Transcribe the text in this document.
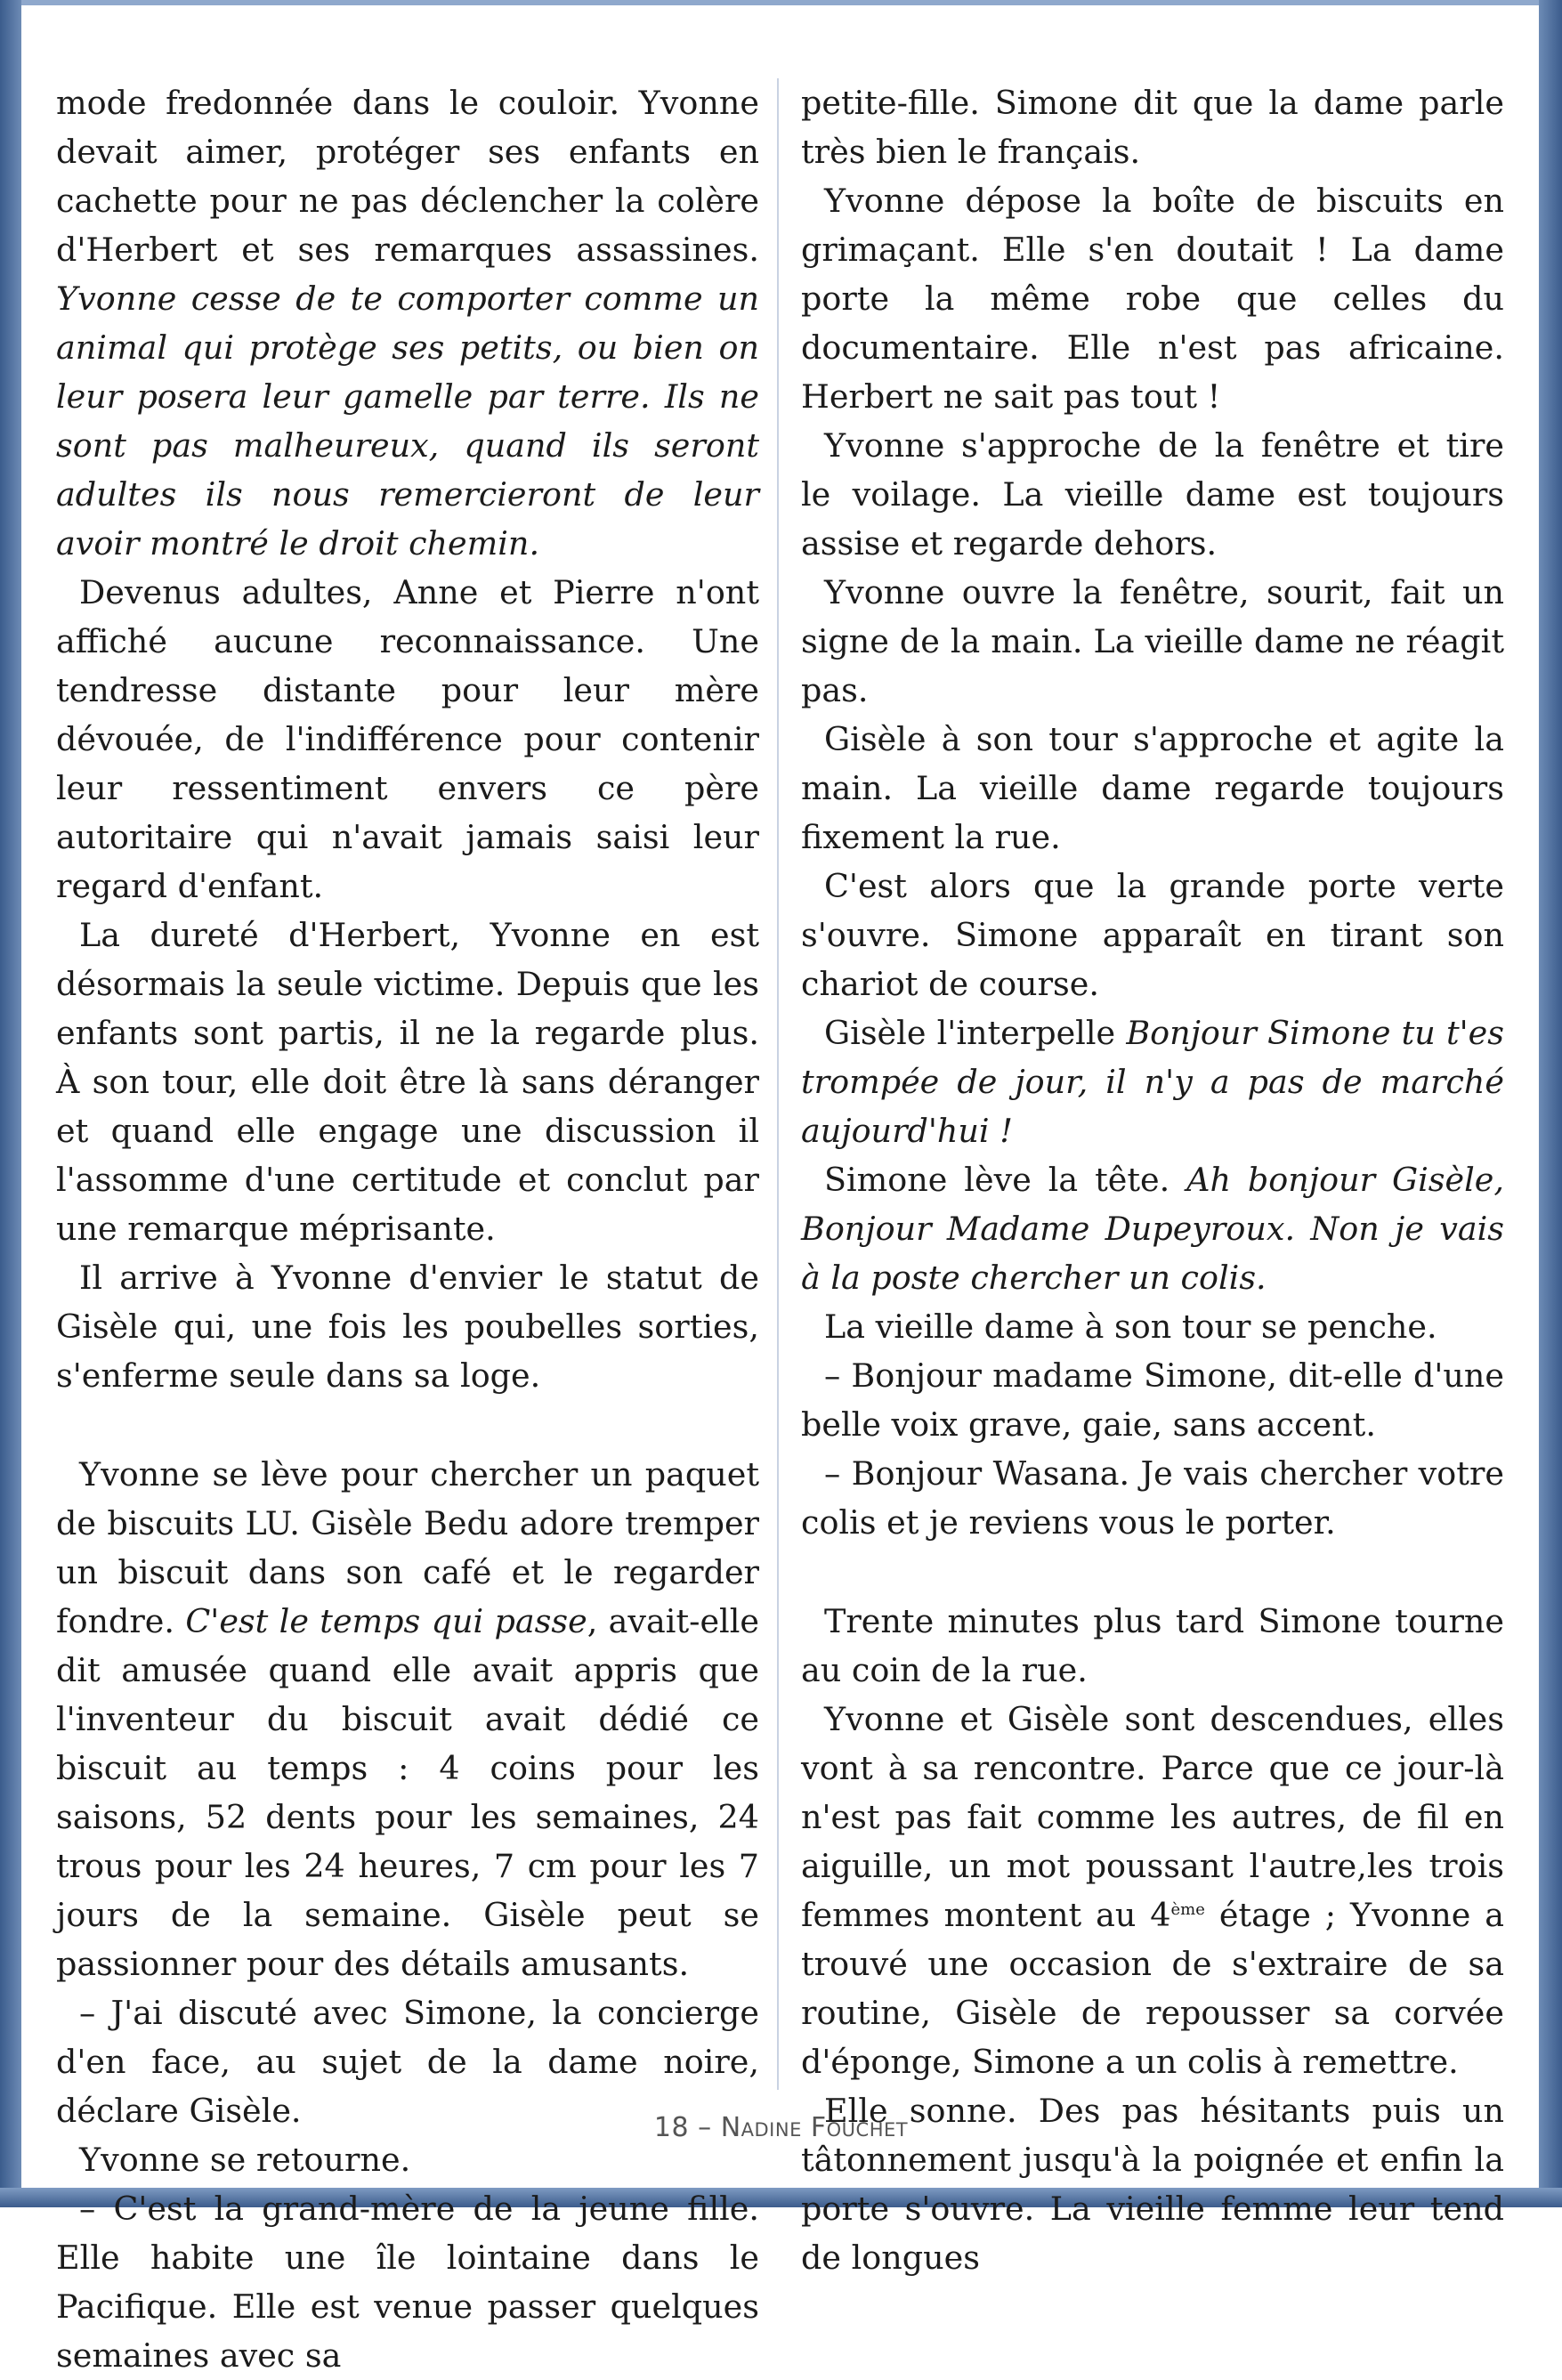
mode fredonnée dans le couloir. Yvonne devait aimer, protéger ses enfants en cachette pour ne pas déclencher la colère d'Herbert et ses remarques assassines. Yvonne cesse de te comporter comme un animal qui protège ses petits, ou bien on leur posera leur gamelle par terre. Ils ne sont pas malheureux, quand ils seront adultes ils nous remercieront de leur avoir montré le droit chemin.

Devenus adultes, Anne et Pierre n'ont affiché aucune reconnaissance. Une tendresse distante pour leur mère dévouée, de l'indifférence pour contenir leur ressentiment envers ce père autoritaire qui n'avait jamais saisi leur regard d'enfant.

La dureté d'Herbert, Yvonne en est désormais la seule victime. Depuis que les enfants sont partis, il ne la regarde plus. À son tour, elle doit être là sans déranger et quand elle engage une discussion il l'assomme d'une certitude et conclut par une remarque méprisante.

Il arrive à Yvonne d'envier le statut de Gisèle qui, une fois les poubelles sorties, s'enferme seule dans sa loge.

Yvonne se lève pour chercher un paquet de biscuits LU. Gisèle Bedu adore tremper un biscuit dans son café et le regarder fondre. C'est le temps qui passe, avait-elle dit amusée quand elle avait appris que l'inventeur du biscuit avait dédié ce biscuit au temps : 4 coins pour les saisons, 52 dents pour les semaines, 24 trous pour les 24 heures, 7 cm pour les 7 jours de la semaine. Gisèle peut se passionner pour des détails amusants.

– J'ai discuté avec Simone, la concierge d'en face, au sujet de la dame noire, déclare Gisèle.

Yvonne se retourne.

– C'est la grand-mère de la jeune fille. Elle habite une île lointaine dans le Pacifique. Elle est venue passer quelques semaines avec sa

petite-fille. Simone dit que la dame parle très bien le français.

Yvonne dépose la boîte de biscuits en grimaçant. Elle s'en doutait ! La dame porte la même robe que celles du documentaire. Elle n'est pas africaine. Herbert ne sait pas tout !

Yvonne s'approche de la fenêtre et tire le voilage. La vieille dame est toujours assise et regarde dehors.

Yvonne ouvre la fenêtre, sourit, fait un signe de la main. La vieille dame ne réagit pas.

Gisèle à son tour s'approche et agite la main. La vieille dame regarde toujours fixement la rue.

C'est alors que la grande porte verte s'ouvre. Simone apparaît en tirant son chariot de course.

Gisèle l'interpelle Bonjour Simone tu t'es trompée de jour, il n'y a pas de marché aujourd'hui !

Simone lève la tête. Ah bonjour Gisèle, Bonjour Madame Dupeyroux. Non je vais à la poste chercher un colis.

La vieille dame à son tour se penche.

– Bonjour madame Simone, dit-elle d'une belle voix grave, gaie, sans accent.

– Bonjour Wasana. Je vais chercher votre colis et je reviens vous le porter.

Trente minutes plus tard Simone tourne au coin de la rue.

Yvonne et Gisèle sont descendues, elles vont à sa rencontre. Parce que ce jour-là n'est pas fait comme les autres, de fil en aiguille, un mot poussant l'autre,les trois femmes montent au 4ème étage ; Yvonne a trouvé une occasion de s'extraire de sa routine, Gisèle de repousser sa corvée d'éponge, Simone a un colis à remettre.

Elle sonne. Des pas hésitants puis un tâtonnement jusqu'à la poignée et enfin la porte s'ouvre. La vieille femme leur tend de longues

18 – Nadine Fouchet
